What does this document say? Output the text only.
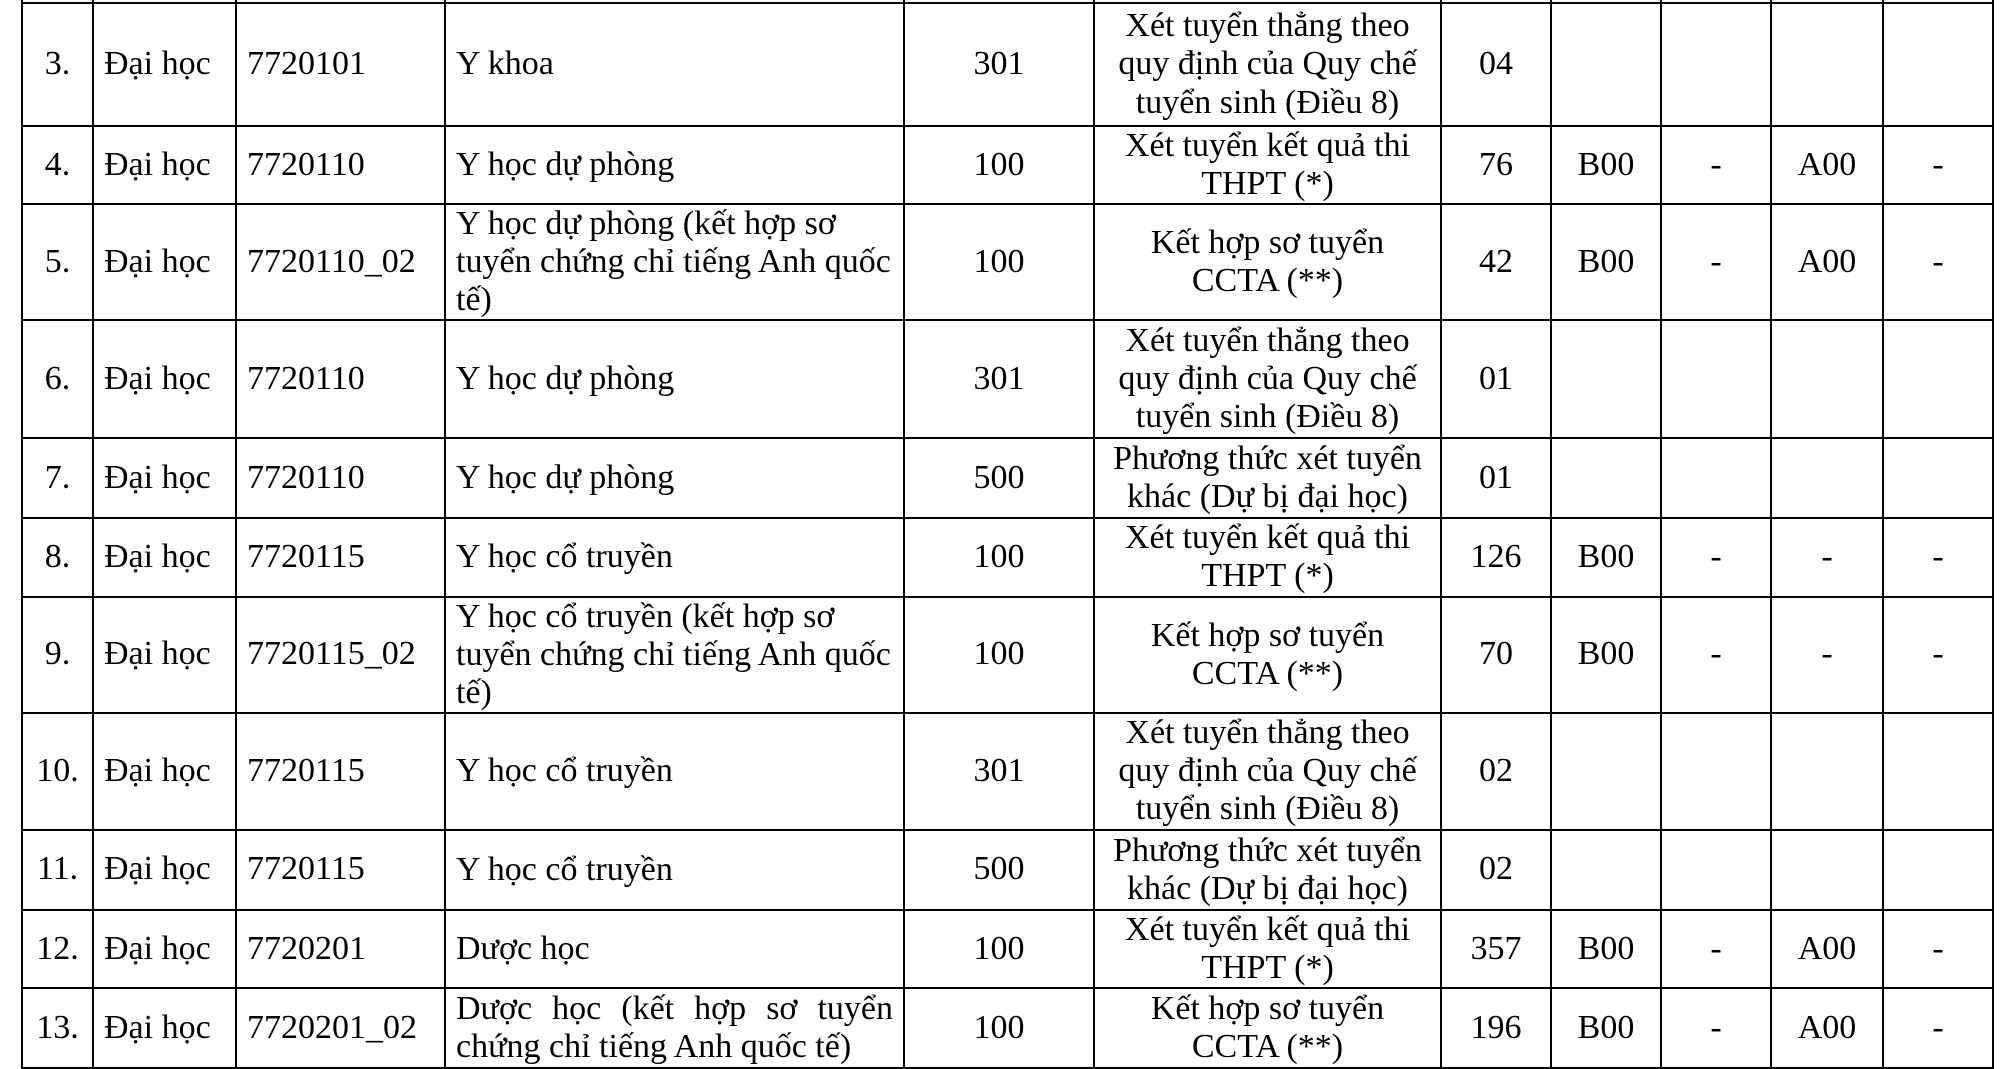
3.	Đại học	7720101	Y khoa	301	Xét tuyển thẳng theo quy định của Quy chế tuyển sinh (Điều 8)	04				
4.	Đại học	7720110	Y học dự phòng	100	Xét tuyển kết quả thi THPT (*)	76	B00	-	A00	-
5.	Đại học	7720110_02	Y học dự phòng (kết hợp sơ tuyển chứng chỉ tiếng Anh quốc tế)	100	Kết hợp sơ tuyển CCTA (**)	42	B00	-	A00	-
6.	Đại học	7720110	Y học dự phòng	301	Xét tuyển thẳng theo quy định của Quy chế tuyển sinh (Điều 8)	01				
7.	Đại học	7720110	Y học dự phòng	500	Phương thức xét tuyển khác (Dự bị đại học)	01				
8.	Đại học	7720115	Y học cổ truyền	100	Xét tuyển kết quả thi THPT (*)	126	B00	-	-	-
9.	Đại học	7720115_02	Y học cổ truyền (kết hợp sơ tuyển chứng chỉ tiếng Anh quốc tế)	100	Kết hợp sơ tuyển CCTA (**)	70	B00	-	-	-
10.	Đại học	7720115	Y học cổ truyền	301	Xét tuyển thẳng theo quy định của Quy chế tuyển sinh (Điều 8)	02				
11.	Đại học	7720115	Y học cổ truyền	500	Phương thức xét tuyển khác (Dự bị đại học)	02				
12.	Đại học	7720201	Dược học	100	Xét tuyển kết quả thi THPT (*)	357	B00	-	A00	-
13.	Đại học	7720201_02	Dược học (kết hợp sơ tuyển chứng chỉ tiếng Anh quốc tế)	100	Kết hợp sơ tuyển CCTA (**)	196	B00	-	A00	-
